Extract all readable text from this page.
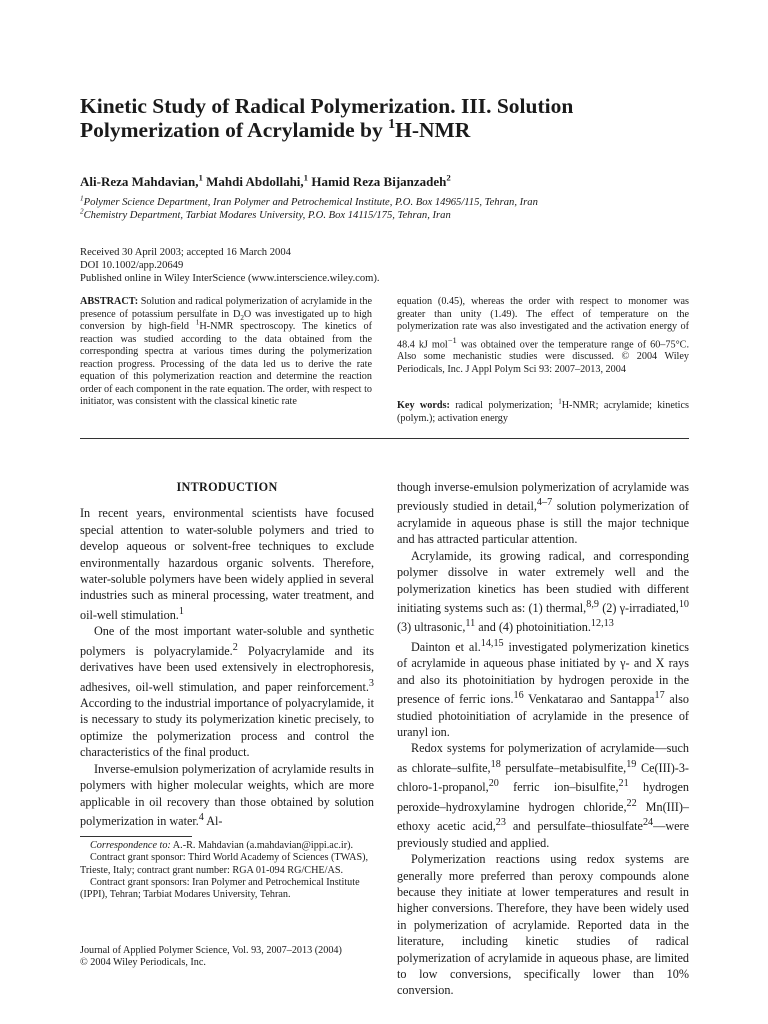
Kinetic Study of Radical Polymerization. III. Solution
Polymerization of Acrylamide by $^1$H-NMR
Ali-Reza Mahdavian,$^1$ Mahdi Abdollahi,$^1$ Hamid Reza Bijanzadeh$^2$
$^1$Polymer Science Department, Iran Polymer and Petrochemical Institute, P.O. Box 14965/115, Tehran, Iran
$^2$Chemistry Department, Tarbiat Modares University, P.O. Box 14115/175, Tehran, Iran
Received 30 April 2003; accepted 16 March 2004
DOI 10.1002/app.20649
Published online in Wiley InterScience (www.interscience.wiley.com).
ABSTRACT: Solution and radical polymerization of acrylamide in the presence of potassium persulfate in $D_2O$ was investigated up to high conversion by high-field $^1$H-NMR spectroscopy. The kinetics of reaction was studied according to the data obtained from the corresponding spectra at various times during the polymerization reaction progress. Processing of the data led us to derive the rate equation of this polymerization reaction and determine the reaction order of each component in the rate equation. The order, with respect to initiator, was consistent with the classical kinetic rate
equation (0.45), whereas the order with respect to monomer was greater than unity (1.49). The effect of temperature on the polymerization rate was also investigated and the activation energy of 48.4 kJ mol$^{-1}$ was obtained over the temperature range of 60–75°C. Also some mechanistic studies were discussed. © 2004 Wiley Periodicals, Inc. J Appl Polym Sci 93: 2007–2013, 2004
Key words: radical polymerization; $^1$H-NMR; acrylamide; kinetics (polym.); activation energy
INTRODUCTION

In recent years, environmental scientists have focused special attention to water-soluble polymers and tried to develop aqueous or solvent-free techniques to exclude environmentally hazardous organic solvents. Therefore, water-soluble polymers have been widely applied in several industries such as mineral processing, water treatment, and oil-well stimulation.$^1$

One of the most important water-soluble and synthetic polymers is polyacrylamide.$^2$ Polyacrylamide and its derivatives have been used extensively in electrophoresis, adhesives, oil-well stimulation, and paper reinforcement.$^3$ According to the industrial importance of polyacrylamide, it is necessary to study its polymerization kinetic precisely, to optimize the polymerization process and control the characteristics of the final product.

Inverse-emulsion polymerization of acrylamide results in polymers with higher molecular weights, which are more applicable in oil recovery than those obtained by solution polymerization in water.$^4$ Al-

Correspondence to: A.-R. Mahdavian (a.mahdavian@ippi.ac.ir).

Contract grant sponsor: Third World Academy of Sciences (TWAS), Trieste, Italy; contract grant number: RGA 01-094 RG/CHE/AS.

Contract grant sponsors: Iran Polymer and Petrochemical Institute (IPPI), Tehran; Tarbiat Modares University, Tehran.

Journal of Applied Polymer Science, Vol. 93, 2007–2013 (2004)
© 2004 Wiley Periodicals, Inc.

though inverse-emulsion polymerization of acrylamide was previously studied in detail,$^{4-7}$ solution polymerization of acrylamide in aqueous phase is still the major technique and has attracted particular attention.

Acrylamide, its growing radical, and corresponding polymer dissolve in water extremely well and the polymerization kinetics has been studied with different initiating systems such as: (1) thermal,$^{8,9}$ (2) γ-irradiated,$^{10}$ (3) ultrasonic,$^{11}$ and (4) photoinitiation.$^{12,13}$

Dainton et al.$^{14,15}$ investigated polymerization kinetics of acrylamide in aqueous phase initiated by γ- and X rays and also its photoinitiation by hydrogen peroxide in the presence of ferric ions.$^{16}$ Venkatarao and Santappa$^{17}$ also studied photoinitiation of acrylamide in the presence of uranyl ion.

Redox systems for polymerization of acrylamide—such as chlorate–sulfite,$^{18}$ persulfate–metabisulfite,$^{19}$ Ce(III)-3-chloro-1-propanol,$^{20}$ ferric ion–bisulfite,$^{21}$ hydrogen peroxide–hydroxylamine hydrogen chloride,$^{22}$ Mn(III)–ethoxy acetic acid,$^{23}$ and persulfate–thiosulfate$^{24}$—were previously studied and applied.

Polymerization reactions using redox systems are generally more preferred than peroxy compounds alone because they initiate at lower temperatures and result in higher conversions. Therefore, they have been widely used in polymerization of acrylamide. Reported data in the literature, including kinetic studies of radical polymerization of acrylamide in aqueous phase, are limited to low conversions, specifically lower than 10% conversion.
